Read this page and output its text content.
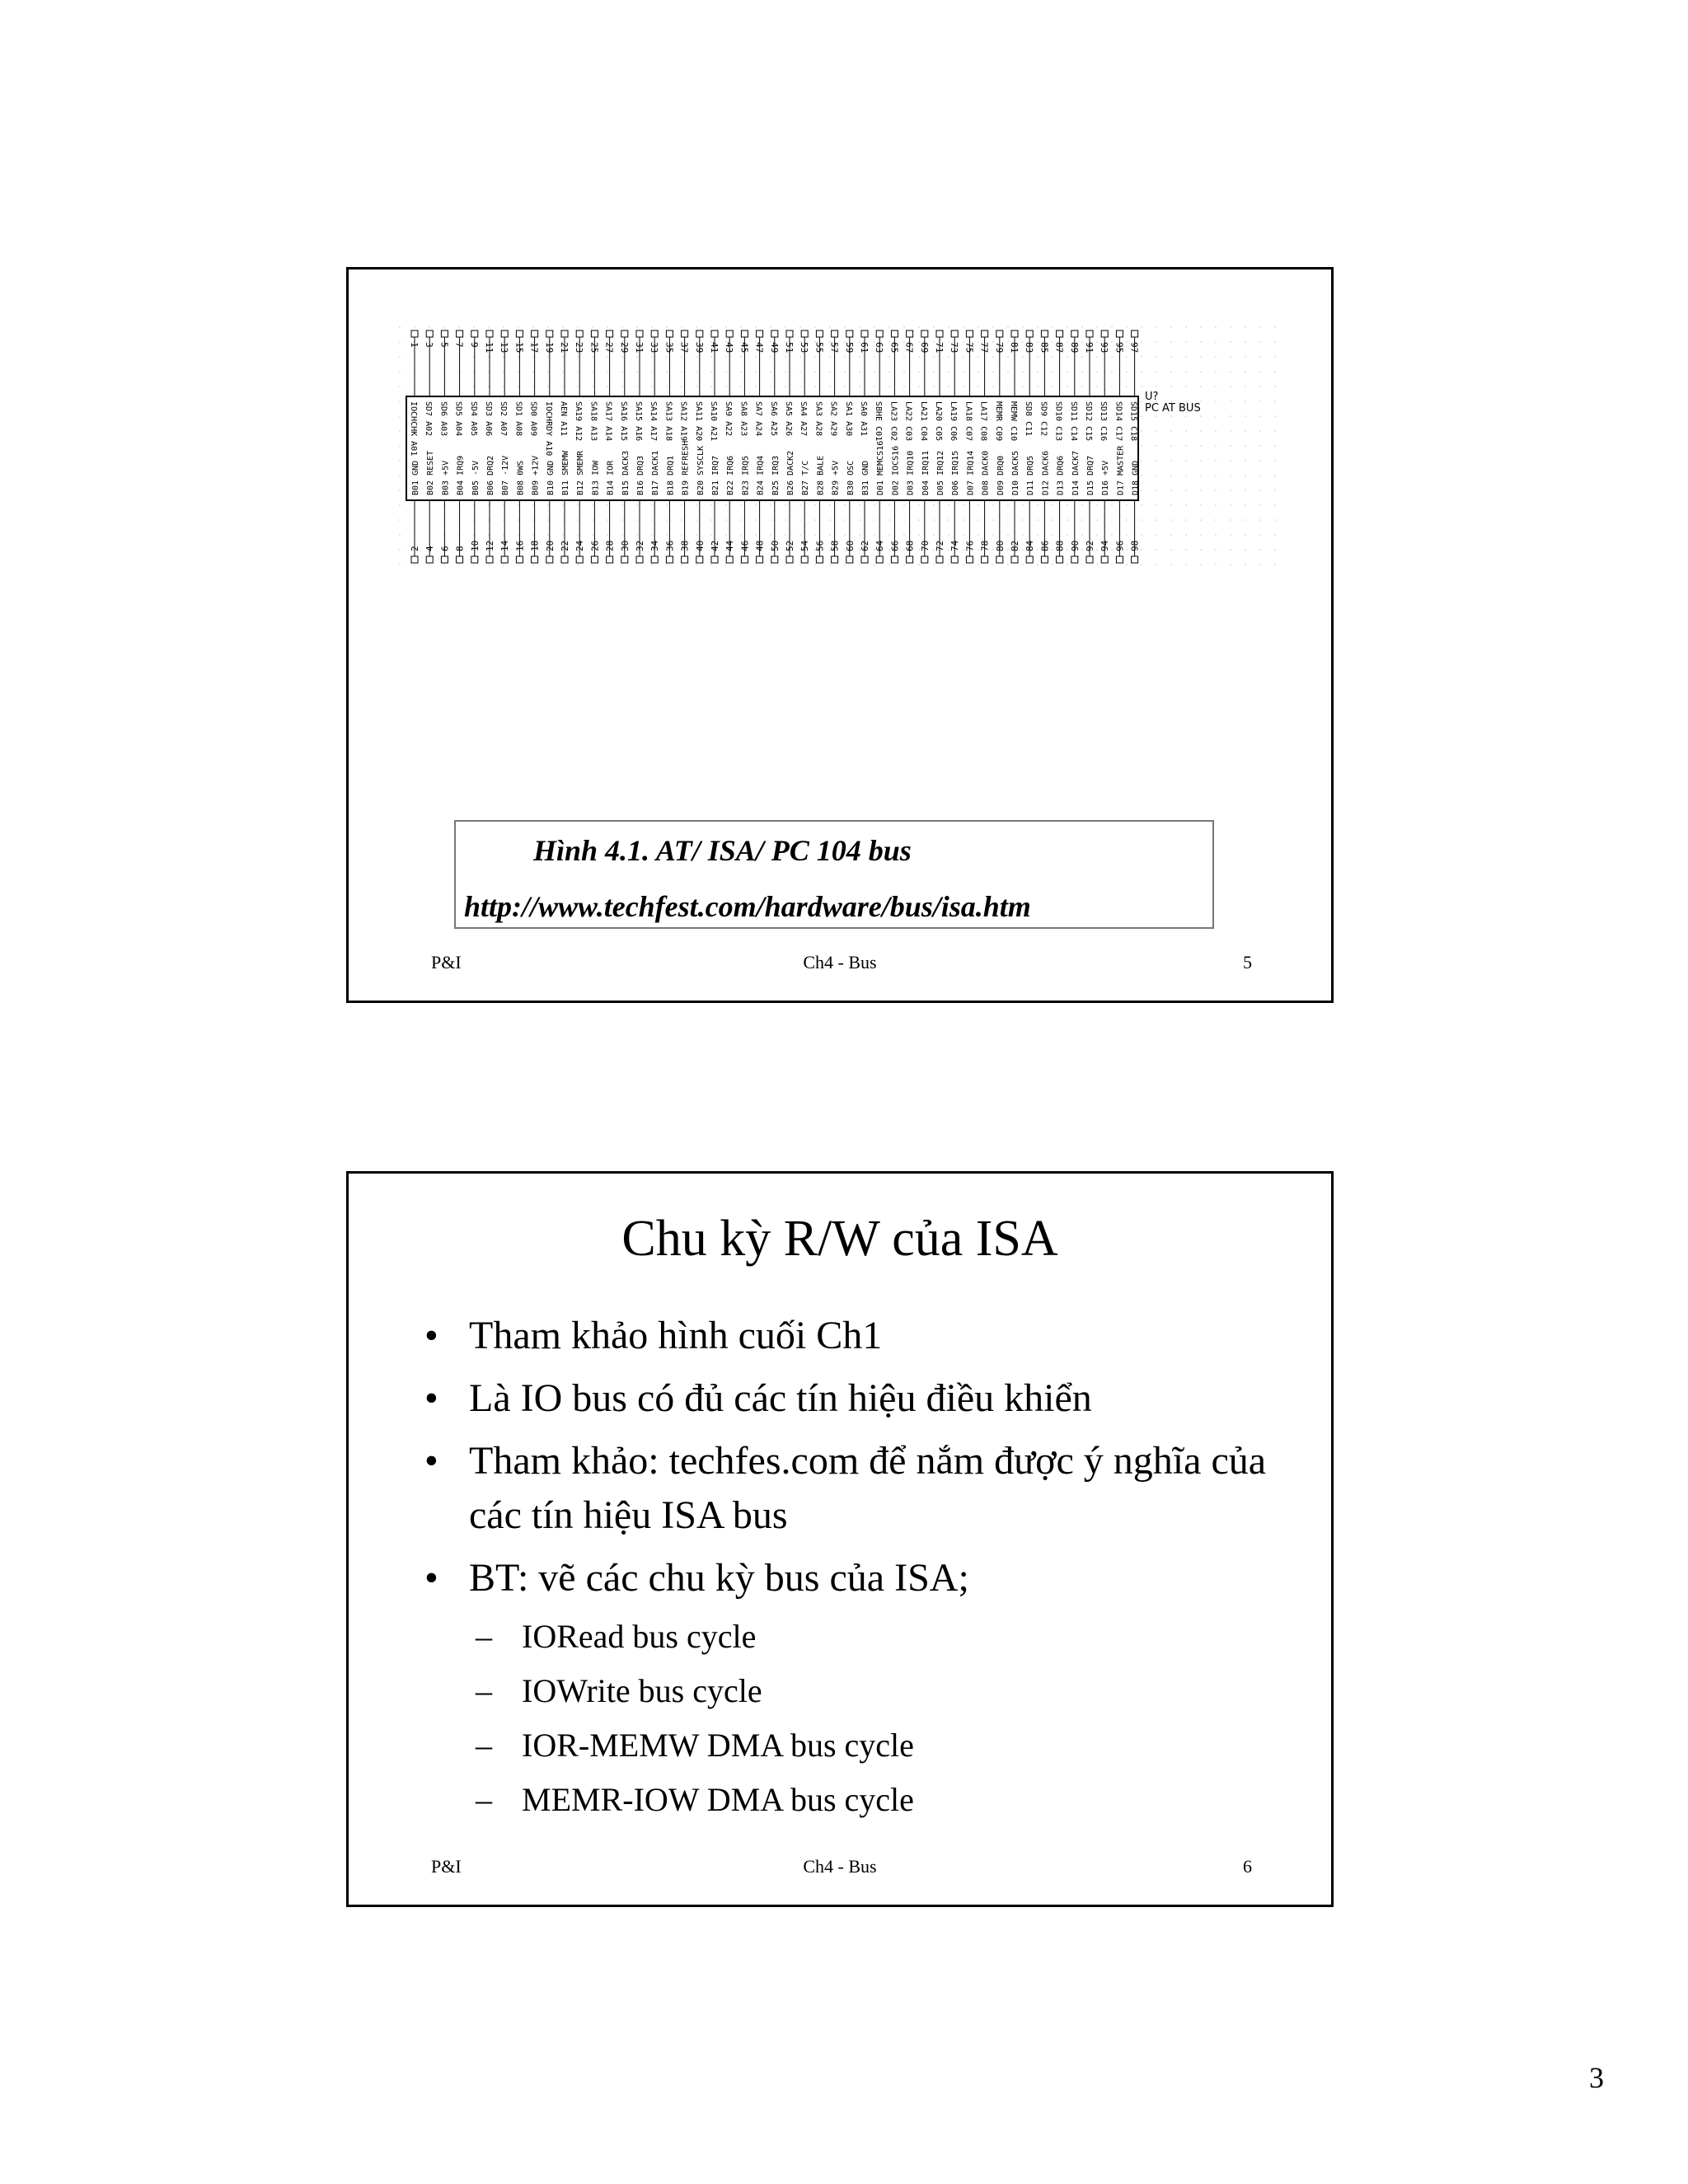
1
IOCHCHK A01
2
B01 GND
3
SD7 A02
4
B02 RESET
5
SD6 A03
6
B03 +5V
7
SD5 A04
8
B04 IRQ9
9
SD4 A05
10
B05 -5V
11
SD3 A06
12
B06 DRQ2
13
SD2 A07
14
B07 -12V
15
SD1 A08
16
B08 0WS
17
SD0 A09
18
B09 +12V
19
IOCHRDY A10
20
B10 GND
21
AEN A11
22
B11 SMEMW
23
SA19 A12
24
B12 SMEMR
25
SA18 A13
26
B13 IOW
27
SA17 A14
28
B14 IOR
29
SA16 A15
30
B15 DACK3
31
SA15 A16
32
B16 DRQ3
33
SA14 A17
34
B17 DACK1
35
SA13 A18
36
B18 DRQ1
37
SA12 A19
38
B19 REFRESH
39
SA11 A20
40
B20 SYSCLK
41
SA10 A21
42
B21 IRQ7
43
SA9 A22
44
B22 IRQ6
45
SA8 A23
46
B23 IRQ5
47
SA7 A24
48
B24 IRQ4
49
SA6 A25
50
B25 IRQ3
51
SA5 A26
52
B26 DACK2
53
SA4 A27
54
B27 T/C
55
SA3 A28
56
B28 BALE
57
SA2 A29
58
B29 +5V
59
SA1 A30
60
B30 OSC
61
SA0 A31
62
B31 GND
63
SBHE C01
64
D01 MEMCS16
65
LA23 C02
66
D02 IOCS16
67
LA22 C03
68
D03 IRQ10
69
LA21 C04
70
D04 IRQ11
71
LA20 C05
72
D05 IRQ12
73
LA19 C06
74
D06 IRQ15
75
LA18 C07
76
D07 IRQ14
77
LA17 C08
78
D08 DACK0
79
MEMR C09
80
D09 DRQ0
81
MEMW C10
82
D10 DACK5
83
SD8 C11
84
D11 DRQ5
85
SD9 C12
86
D12 DACK6
87
SD10 C13
88
D13 DRQ6
89
SD11 C14
90
D14 DACK7
91
SD12 C15
92
D15 DRQ7
93
SD13 C16
94
D16 +5V
95
SD14 C17
96
D17 MASTER
97
SD15 C18
98
D18 GND
U?
PC AT BUS
Hình 4.1. AT/ ISA/ PC 104 bus
http://www.techfest.com/hardware/bus/isa.htm
P&I	Ch4 - Bus	5
Chu kỳ R/W của ISA
• Tham khảo hình cuối Ch1
• Là IO bus có đủ các tín hiệu điều khiển
• Tham khảo: techfes.com để nắm được ý nghĩa của các tín hiệu ISA bus
• BT: vẽ các chu kỳ bus của ISA;
– IORead bus cycle
– IOWrite bus cycle
– IOR-MEMW DMA bus cycle
– MEMR-IOW DMA bus cycle
P&I	Ch4 - Bus	6
3
